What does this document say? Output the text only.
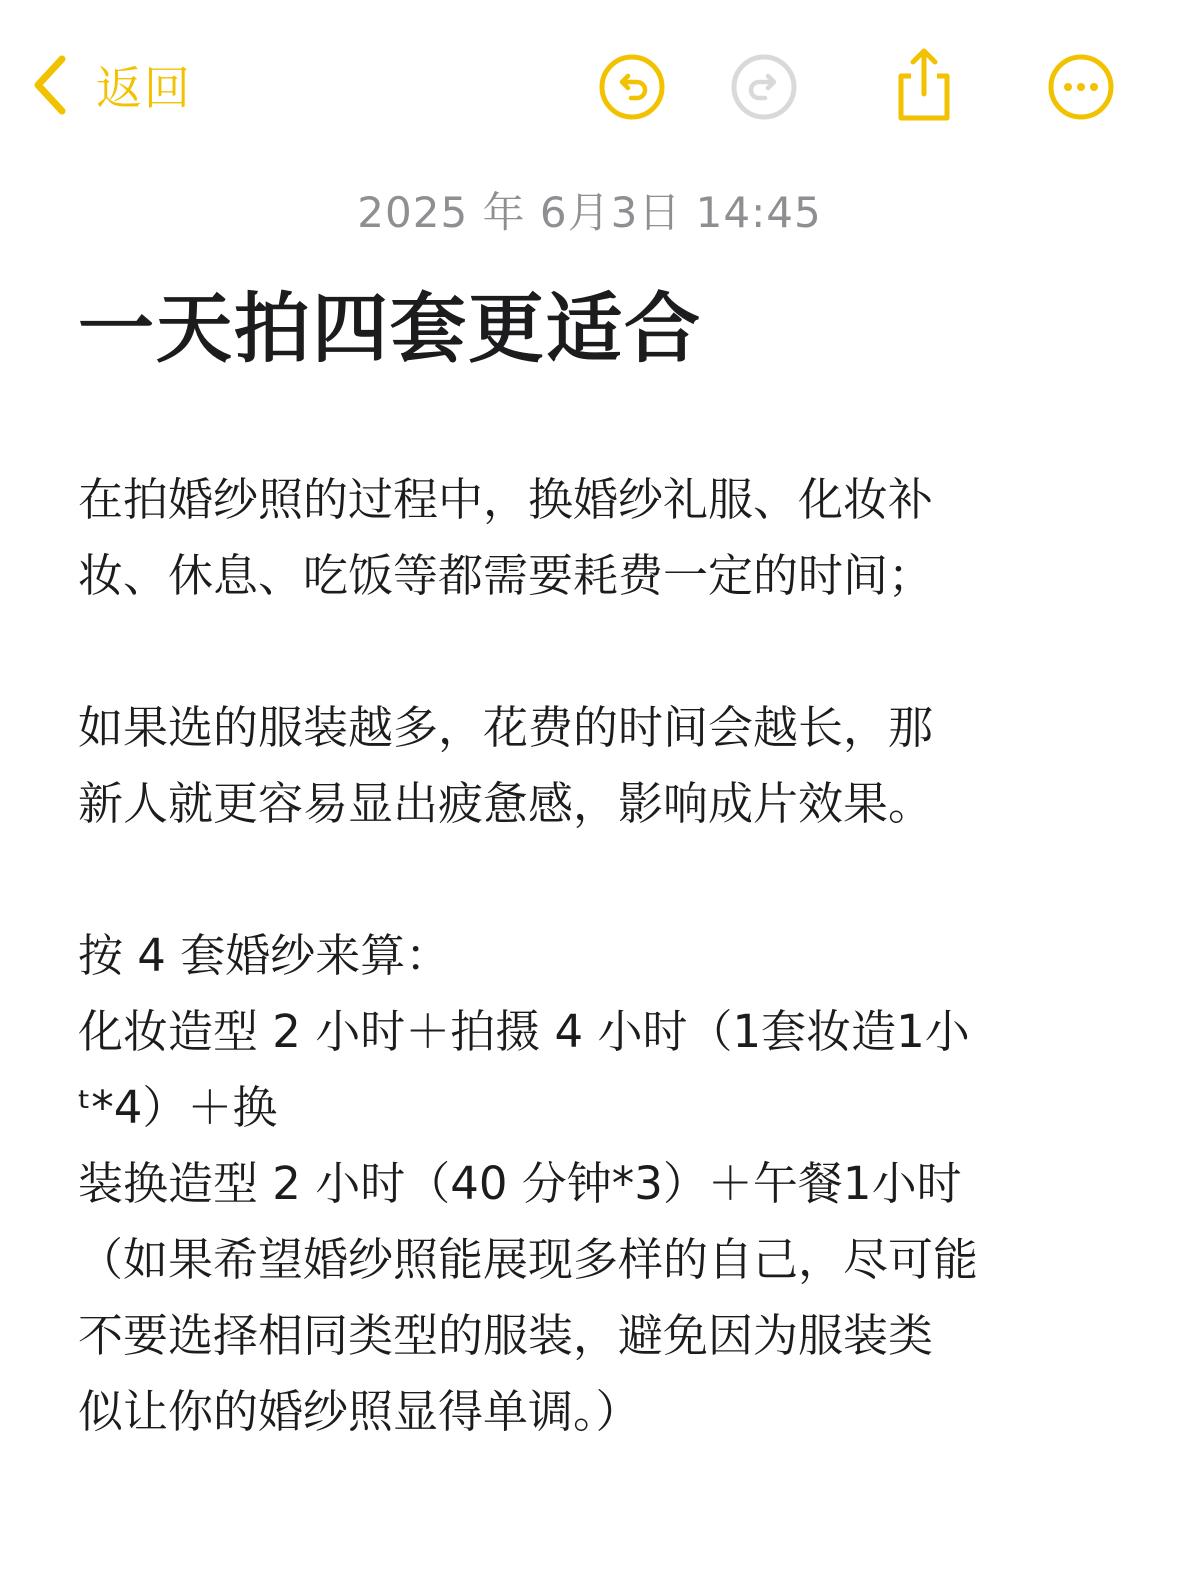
返回
2025 年 6月3日 14:45
一天拍四套更适合
在拍婚纱照的过程中，换婚纱礼服、化妆补
妆、休息、吃饭等都需要耗费一定的时间；
如果选的服装越多，花费的时间会越长，那
新人就更容易显出疲惫感，影响成片效果。
按 4 套婚纱来算：
化妆造型 2 小时＋拍摄 4 小时（1套妆造1小
ᵗ*4）＋换
装换造型 2 小时（40 分钟*3）＋午餐1小时
（如果希望婚纱照能展现多样的自己，尽可能
不要选择相同类型的服装，避免因为服装类
似让你的婚纱照显得单调。）
